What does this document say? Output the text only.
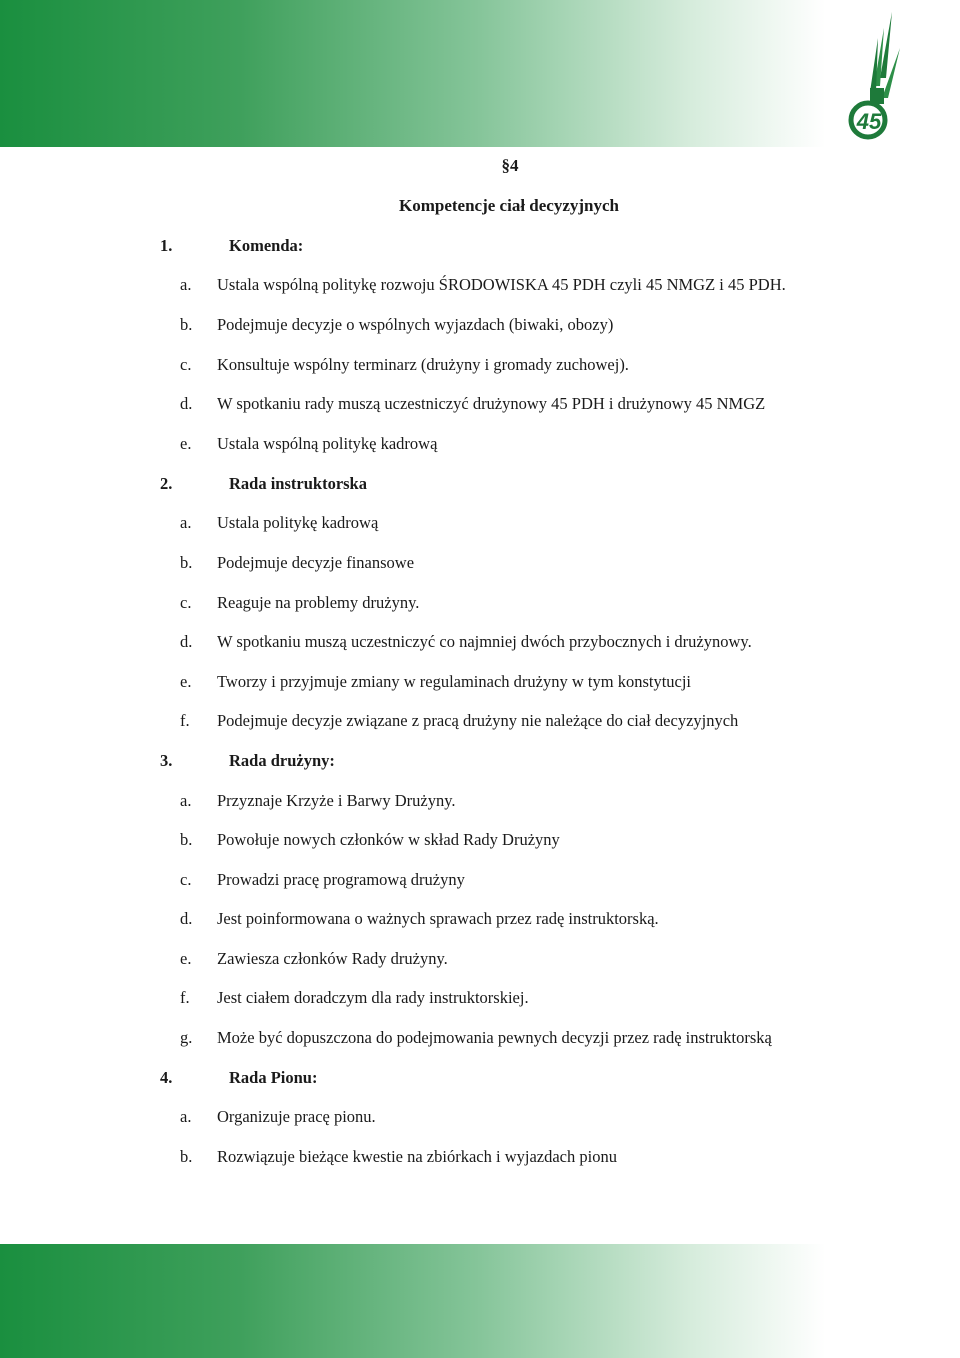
45
§4
Kompetencje ciał decyzyjnych
1.	Komenda:
a. Ustala wspólną politykę rozwoju ŚRODOWISKA 45 PDH czyli 45 NMGZ i 45 PDH.
b. Podejmuje decyzje o wspólnych wyjazdach (biwaki, obozy)
c. Konsultuje wspólny terminarz (drużyny i gromady zuchowej).
d. W spotkaniu rady muszą uczestniczyć drużynowy 45 PDH i drużynowy 45 NMGZ
e. Ustala wspólną politykę kadrową
2.	Rada instruktorska
a. Ustala politykę kadrową
b. Podejmuje decyzje finansowe
c. Reaguje na problemy drużyny.
d. W spotkaniu muszą uczestniczyć co najmniej dwóch przybocznych i drużynowy.
e. Tworzy i przyjmuje zmiany w regulaminach drużyny w tym konstytucji
f. Podejmuje decyzje związane z pracą drużyny nie należące do ciał decyzyjnych
3.	Rada drużyny:
a. Przyznaje Krzyże i Barwy Drużyny.
b. Powołuje nowych członków w skład Rady Drużyny
c. Prowadzi pracę programową drużyny
d. Jest poinformowana o ważnych sprawach przez radę instruktorską.
e. Zawiesza członków Rady drużyny.
f. Jest ciałem doradczym dla rady instruktorskiej.
g. Może być dopuszczona do podejmowania pewnych decyzji przez radę instruktorską
4.	Rada Pionu:
a. Organizuje pracę pionu.
b. Rozwiązuje bieżące kwestie na zbiórkach i wyjazdach pionu
